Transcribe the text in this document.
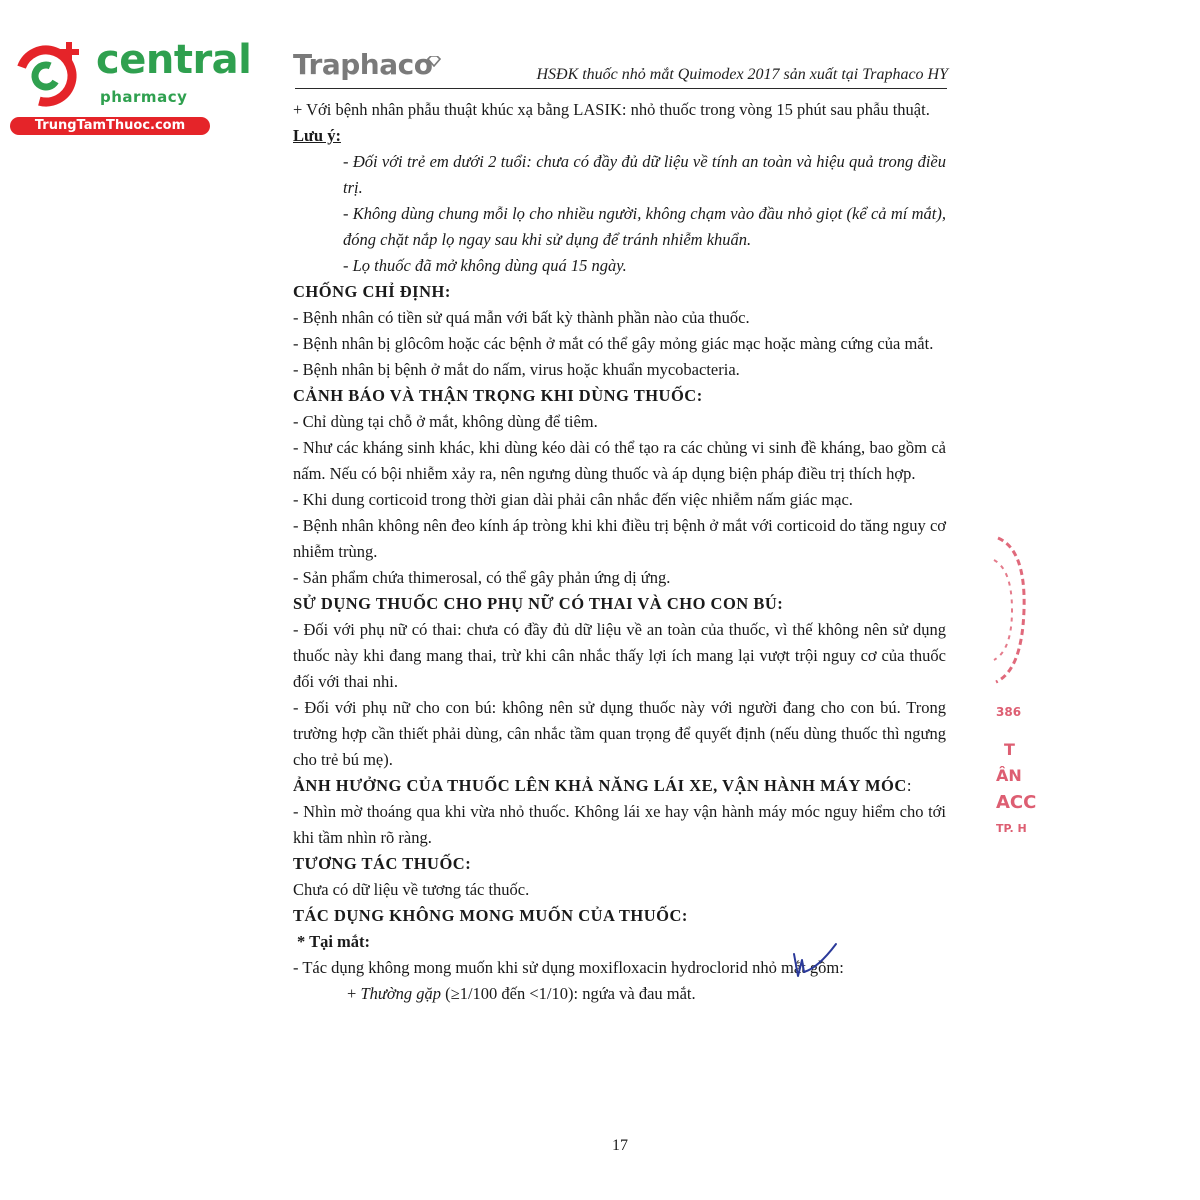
central
pharmacy
TrungTamThuoc.com
Traphaco	HSĐK thuốc nhỏ mắt Quimodex 2017 sản xuất tại Traphaco HY

+ Với bệnh nhân phẫu thuật khúc xạ bằng LASIK: nhỏ thuốc trong vòng 15 phút sau phẫu thuật.

Lưu ý:

- Đối với trẻ em dưới 2 tuổi: chưa có đầy đủ dữ liệu về tính an toàn và hiệu quả trong điều trị.

- Không dùng chung mỗi lọ cho nhiều người, không chạm vào đầu nhỏ giọt (kể cả mí mắt), đóng chặt nắp lọ ngay sau khi sử dụng để tránh nhiễm khuẩn.

- Lọ thuốc đã mở không dùng quá 15 ngày.

CHỐNG CHỈ ĐỊNH:

- Bệnh nhân có tiền sử quá mẫn với bất kỳ thành phần nào của thuốc.

- Bệnh nhân bị glôcôm hoặc các bệnh ở mắt có thể gây mỏng giác mạc hoặc màng cứng của mắt.

- Bệnh nhân bị bệnh ở mắt do nấm, virus hoặc khuẩn mycobacteria.

CẢNH BÁO VÀ THẬN TRỌNG KHI DÙNG THUỐC:

- Chỉ dùng tại chỗ ở mắt, không dùng để tiêm.

- Như các kháng sinh khác, khi dùng kéo dài có thể tạo ra các chủng vi sinh đề kháng, bao gồm cả nấm. Nếu có bội nhiễm xảy ra, nên ngưng dùng thuốc và áp dụng biện pháp điều trị thích hợp.

- Khi dung corticoid trong thời gian dài phải cân nhắc đến việc nhiễm nấm giác mạc.

- Bệnh nhân không nên đeo kính áp tròng khi khi điều trị bệnh ở mắt với corticoid do tăng nguy cơ nhiễm trùng.

- Sản phẩm chứa thimerosal, có thể gây phản ứng dị ứng.

SỬ DỤNG THUỐC CHO PHỤ NỮ CÓ THAI VÀ CHO CON BÚ:

- Đối với phụ nữ có thai: chưa có đầy đủ dữ liệu về an toàn của thuốc, vì thế không nên sử dụng thuốc này khi đang mang thai, trừ khi cân nhắc thấy lợi ích mang lại vượt trội nguy cơ của thuốc đối với thai nhi.

- Đối với phụ nữ cho con bú: không nên sử dụng thuốc này với người đang cho con bú. Trong trường hợp cần thiết phải dùng, cân nhắc tầm quan trọng để quyết định (nếu dùng thuốc thì ngưng cho trẻ bú mẹ).

ẢNH HƯỞNG CỦA THUỐC LÊN KHẢ NĂNG LÁI XE, VẬN HÀNH MÁY MÓC:

- Nhìn mờ thoáng qua khi vừa nhỏ thuốc. Không lái xe hay vận hành máy móc nguy hiểm cho tới khi tầm nhìn rõ ràng.

TƯƠNG TÁC THUỐC:

Chưa có dữ liệu về tương tác thuốc.

TÁC DỤNG KHÔNG MONG MUỐN CỦA THUỐC:

* Tại mắt:

- Tác dụng không mong muốn khi sử dụng moxifloxacin hydroclorid nhỏ mắt gồm:

+ Thường gặp (≥1/100 đến <1/10): ngứa và đau mắt.

386
T
ÂN
ACC
TP. H
17
